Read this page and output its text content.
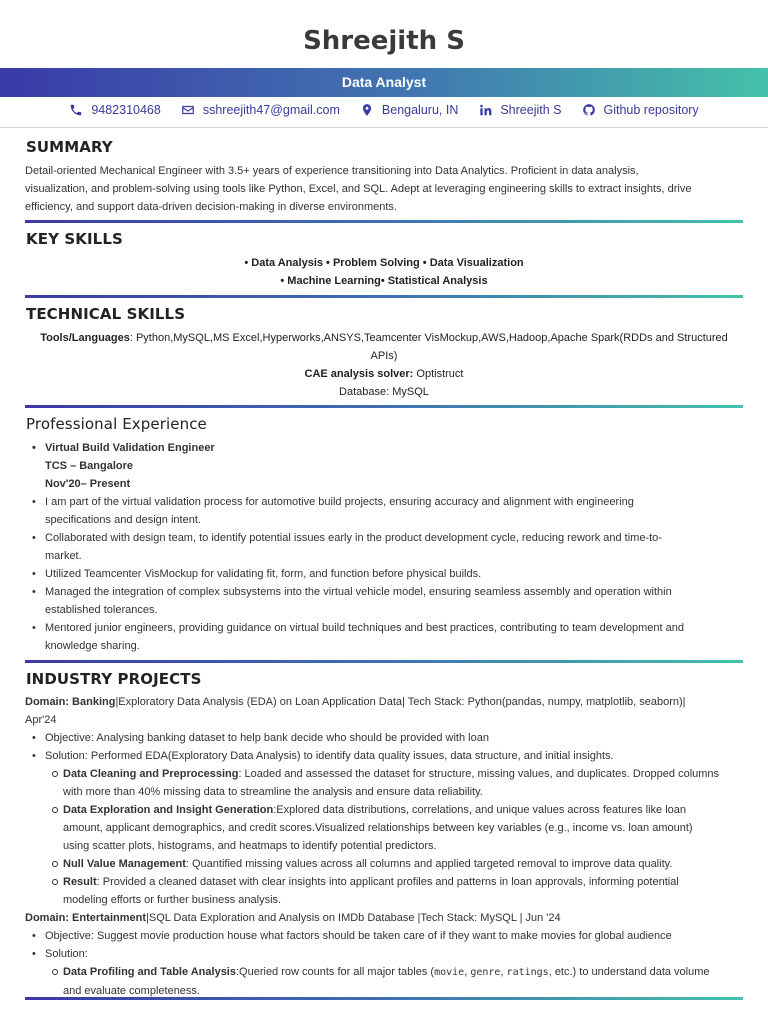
Shreejith S
Data Analyst
9482310468	sshreejith47@gmail.com	Bengaluru, IN	Shreejith S	Github repository
SUMMARY
Detail-oriented Mechanical Engineer with 3.5+ years of experience transitioning into Data Analytics. Proficient in data analysis,
visualization, and problem-solving using tools like Python, Excel, and SQL. Adept at leveraging engineering skills to extract insights, drive
efficiency, and support data-driven decision-making in diverse environments.
KEY SKILLS
• Data Analysis • Problem Solving • Data Visualization
• Machine Learning• Statistical Analysis
TECHNICAL SKILLS
Tools/Languages: Python,MySQL,MS Excel,Hyperworks,ANSYS,Teamcenter VisMockup,AWS,Hadoop,Apache Spark(RDDs and Structured
APIs)
CAE analysis solver: Optistruct
Database: MySQL
Professional Experience
• Virtual Build Validation Engineer
TCS – Bangalore
Nov'20– Present
• I am part of the virtual validation process for automotive build projects, ensuring accuracy and alignment with engineering
specifications and design intent.
• Collaborated with design team, to identify potential issues early in the product development cycle, reducing rework and time-to-
market.
• Utilized Teamcenter VisMockup for validating fit, form, and function before physical builds.
• Managed the integration of complex subsystems into the virtual vehicle model, ensuring seamless assembly and operation within
established tolerances.
• Mentored junior engineers, providing guidance on virtual build techniques and best practices, contributing to team development and
knowledge sharing.
INDUSTRY PROJECTS
Domain: Banking|Exploratory Data Analysis (EDA) on Loan Application Data| Tech Stack: Python(pandas, numpy, matplotlib, seaborn)|
Apr'24
• Objective: Analysing banking dataset to help bank decide who should be provided with loan
• Solution: Performed EDA(Exploratory Data Analysis) to identify data quality issues, data structure, and initial insights.
Data Cleaning and Preprocessing: Loaded and assessed the dataset for structure, missing values, and duplicates. Dropped columns
with more than 40% missing data to streamline the analysis and ensure data reliability.
Data Exploration and Insight Generation:Explored data distributions, correlations, and unique values across features like loan
amount, applicant demographics, and credit scores.Visualized relationships between key variables (e.g., income vs. loan amount)
using scatter plots, histograms, and heatmaps to identify potential predictors.
Null Value Management: Quantified missing values across all columns and applied targeted removal to improve data quality.
Result: Provided a cleaned dataset with clear insights into applicant profiles and patterns in loan approvals, informing potential
modeling efforts or further business analysis.
Domain: Entertainment|SQL Data Exploration and Analysis on IMDb Database |Tech Stack: MySQL | Jun '24
• Objective: Suggest movie production house what factors should be taken care of if they want to make movies for global audience
• Solution:
Data Profiling and Table Analysis:Queried row counts for all major tables (movie, genre, ratings, etc.) to understand data volume
and evaluate completeness.
